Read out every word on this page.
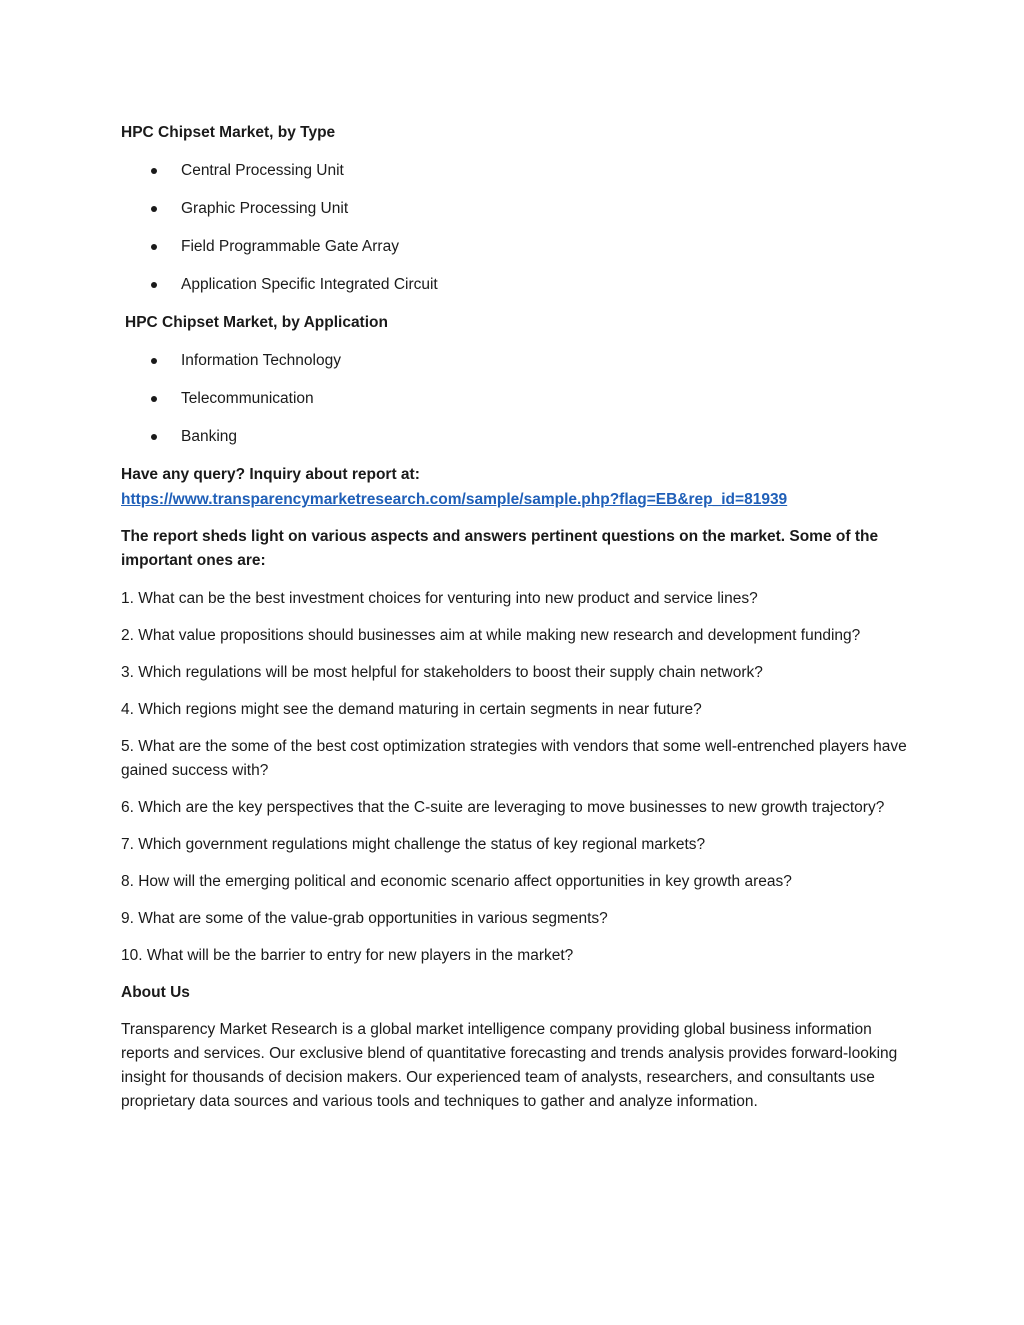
HPC Chipset Market, by Type

Central Processing Unit
Graphic Processing Unit
Field Programmable Gate Array
Application Specific Integrated Circuit

HPC Chipset Market, by Application

Information Technology
Telecommunication
Banking

Have any query? Inquiry about report at:

https://www.transparencymarketresearch.com/sample/sample.php?flag=EB&rep_id=81939

The report sheds light on various aspects and answers pertinent questions on the market. Some of the important ones are:

1. What can be the best investment choices for venturing into new product and service lines?

2. What value propositions should businesses aim at while making new research and development funding?

3. Which regulations will be most helpful for stakeholders to boost their supply chain network?

4. Which regions might see the demand maturing in certain segments in near future?

5. What are the some of the best cost optimization strategies with vendors that some well-entrenched players have gained success with?

6. Which are the key perspectives that the C-suite are leveraging to move businesses to new growth trajectory?

7. Which government regulations might challenge the status of key regional markets?

8. How will the emerging political and economic scenario affect opportunities in key growth areas?

9. What are some of the value-grab opportunities in various segments?

10. What will be the barrier to entry for new players in the market?

About Us

Transparency Market Research is a global market intelligence company providing global business information reports and services. Our exclusive blend of quantitative forecasting and trends analysis provides forward-looking insight for thousands of decision makers. Our experienced team of analysts, researchers, and consultants use proprietary data sources and various tools and techniques to gather and analyze information.
